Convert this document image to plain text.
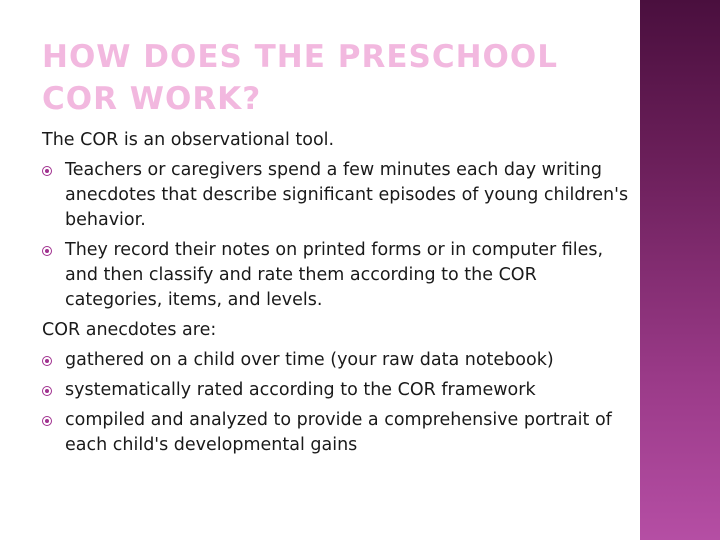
HOW DOES THE PRESCHOOL COR WORK?

The COR is an observational tool.

Teachers or caregivers spend a few minutes each day writing anecdotes that describe significant episodes of young children's behavior.
They record their notes on printed forms or in computer files, and then classify and rate them according to the COR categories, items, and levels.

COR anecdotes are:

gathered on a child over time (your raw data notebook)
systematically rated according to the COR framework
compiled and analyzed to provide a comprehensive portrait of each child's developmental gains
